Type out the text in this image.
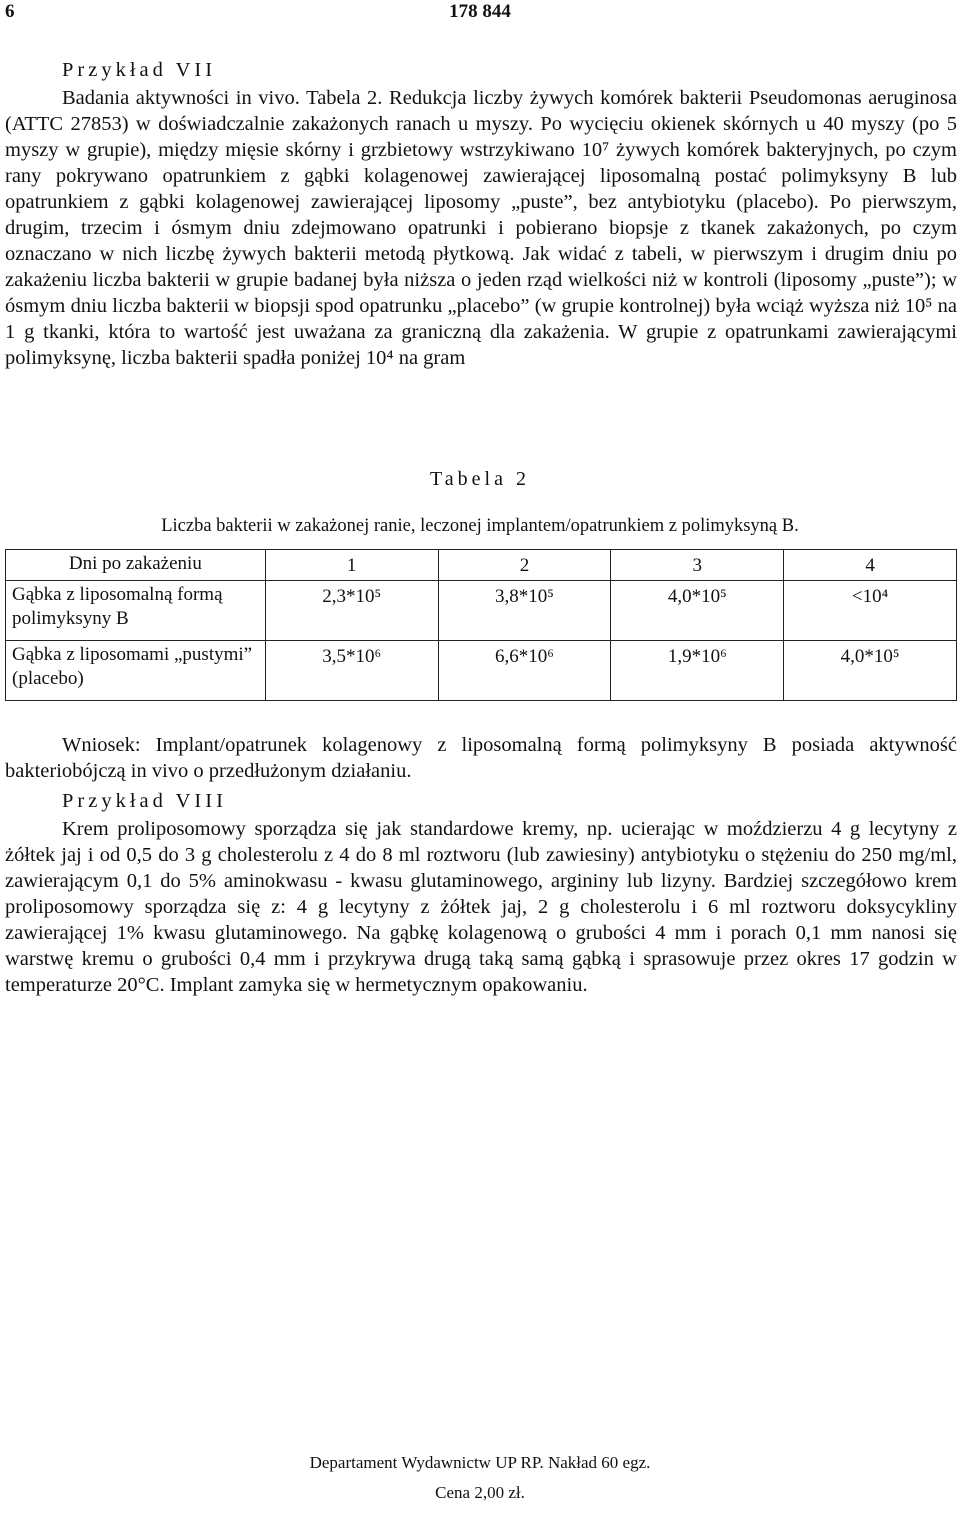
6	178 844

Przykład VII

Badania aktywności in vivo. Tabela 2. Redukcja liczby żywych komórek bakterii Pseudomonas aeruginosa (ATTC 27853) w doświadczalnie zakażonych ranach u myszy. Po wycięciu okienek skórnych u 40 myszy (po 5 myszy w grupie), między mięsie skórny i grzbietowy wstrzykiwano 10⁷ żywych komórek bakteryjnych, po czym rany pokrywano opatrunkiem z gąbki kolagenowej zawierającej liposomalną postać polimyksyny B lub opatrunkiem z gąbki kolagenowej zawierającej liposomy „puste”, bez antybiotyku (placebo). Po pierwszym, drugim, trzecim i ósmym dniu zdejmowano opatrunki i pobierano biopsje z tkanek zakażonych, po czym oznaczano w nich liczbę żywych bakterii metodą płytkową. Jak widać z tabeli, w pierwszym i drugim dniu po zakażeniu liczba bakterii w grupie badanej była niższa o jeden rząd wielkości niż w kontroli (liposomy „puste”); w ósmym dniu liczba bakterii w biopsji spod opatrunku „placebo” (w grupie kontrolnej) była wciąż wyższa niż 10⁵ na 1 g tkanki, która to wartość jest uważana za graniczną dla zakażenia. W grupie z opatrunkami zawierającymi polimyksynę, liczba bakterii spadła poniżej 10⁴ na gram

Tabela 2

Liczba bakterii w zakażonej ranie, leczonej implantem/opatrunkiem z polimyksyną B.

Dni po zakażeniu	1	2	3	4
Gąbka z liposomalną formą polimyksyny B	2,3*10⁵	3,8*10⁵	4,0*10⁵	<10⁴
Gąbka z liposomami „pustymi” (placebo)	3,5*10⁶	6,6*10⁶	1,9*10⁶	4,0*10⁵

Wniosek: Implant/opatrunek kolagenowy z liposomalną formą polimyksyny B posiada aktywność bakteriobójczą in vivo o przedłużonym działaniu.

Przykład VIII

Krem proliposomowy sporządza się jak standardowe kremy, np. ucierając w moździerzu 4 g lecytyny z żółtek jaj i od 0,5 do 3 g cholesterolu z 4 do 8 ml roztworu (lub zawiesiny) antybiotyku o stężeniu do 250 mg/ml, zawierającym 0,1 do 5% aminokwasu - kwasu glutaminowego, argininy lub lizyny. Bardziej szczegółowo krem proliposomowy sporządza się z: 4 g lecytyny z żółtek jaj, 2 g cholesterolu i 6 ml roztworu doksycykliny zawierającej 1% kwasu glutaminowego. Na gąbkę kolagenową o grubości 4 mm i porach 0,1 mm nanosi się warstwę kremu o grubości 0,4 mm i przykrywa drugą taką samą gąbką i sprasowuje przez okres 17 godzin w temperaturze 20°C. Implant zamyka się w hermetycznym opakowaniu.

Departament Wydawnictw UP RP. Nakład 60 egz.
Cena 2,00 zł.
